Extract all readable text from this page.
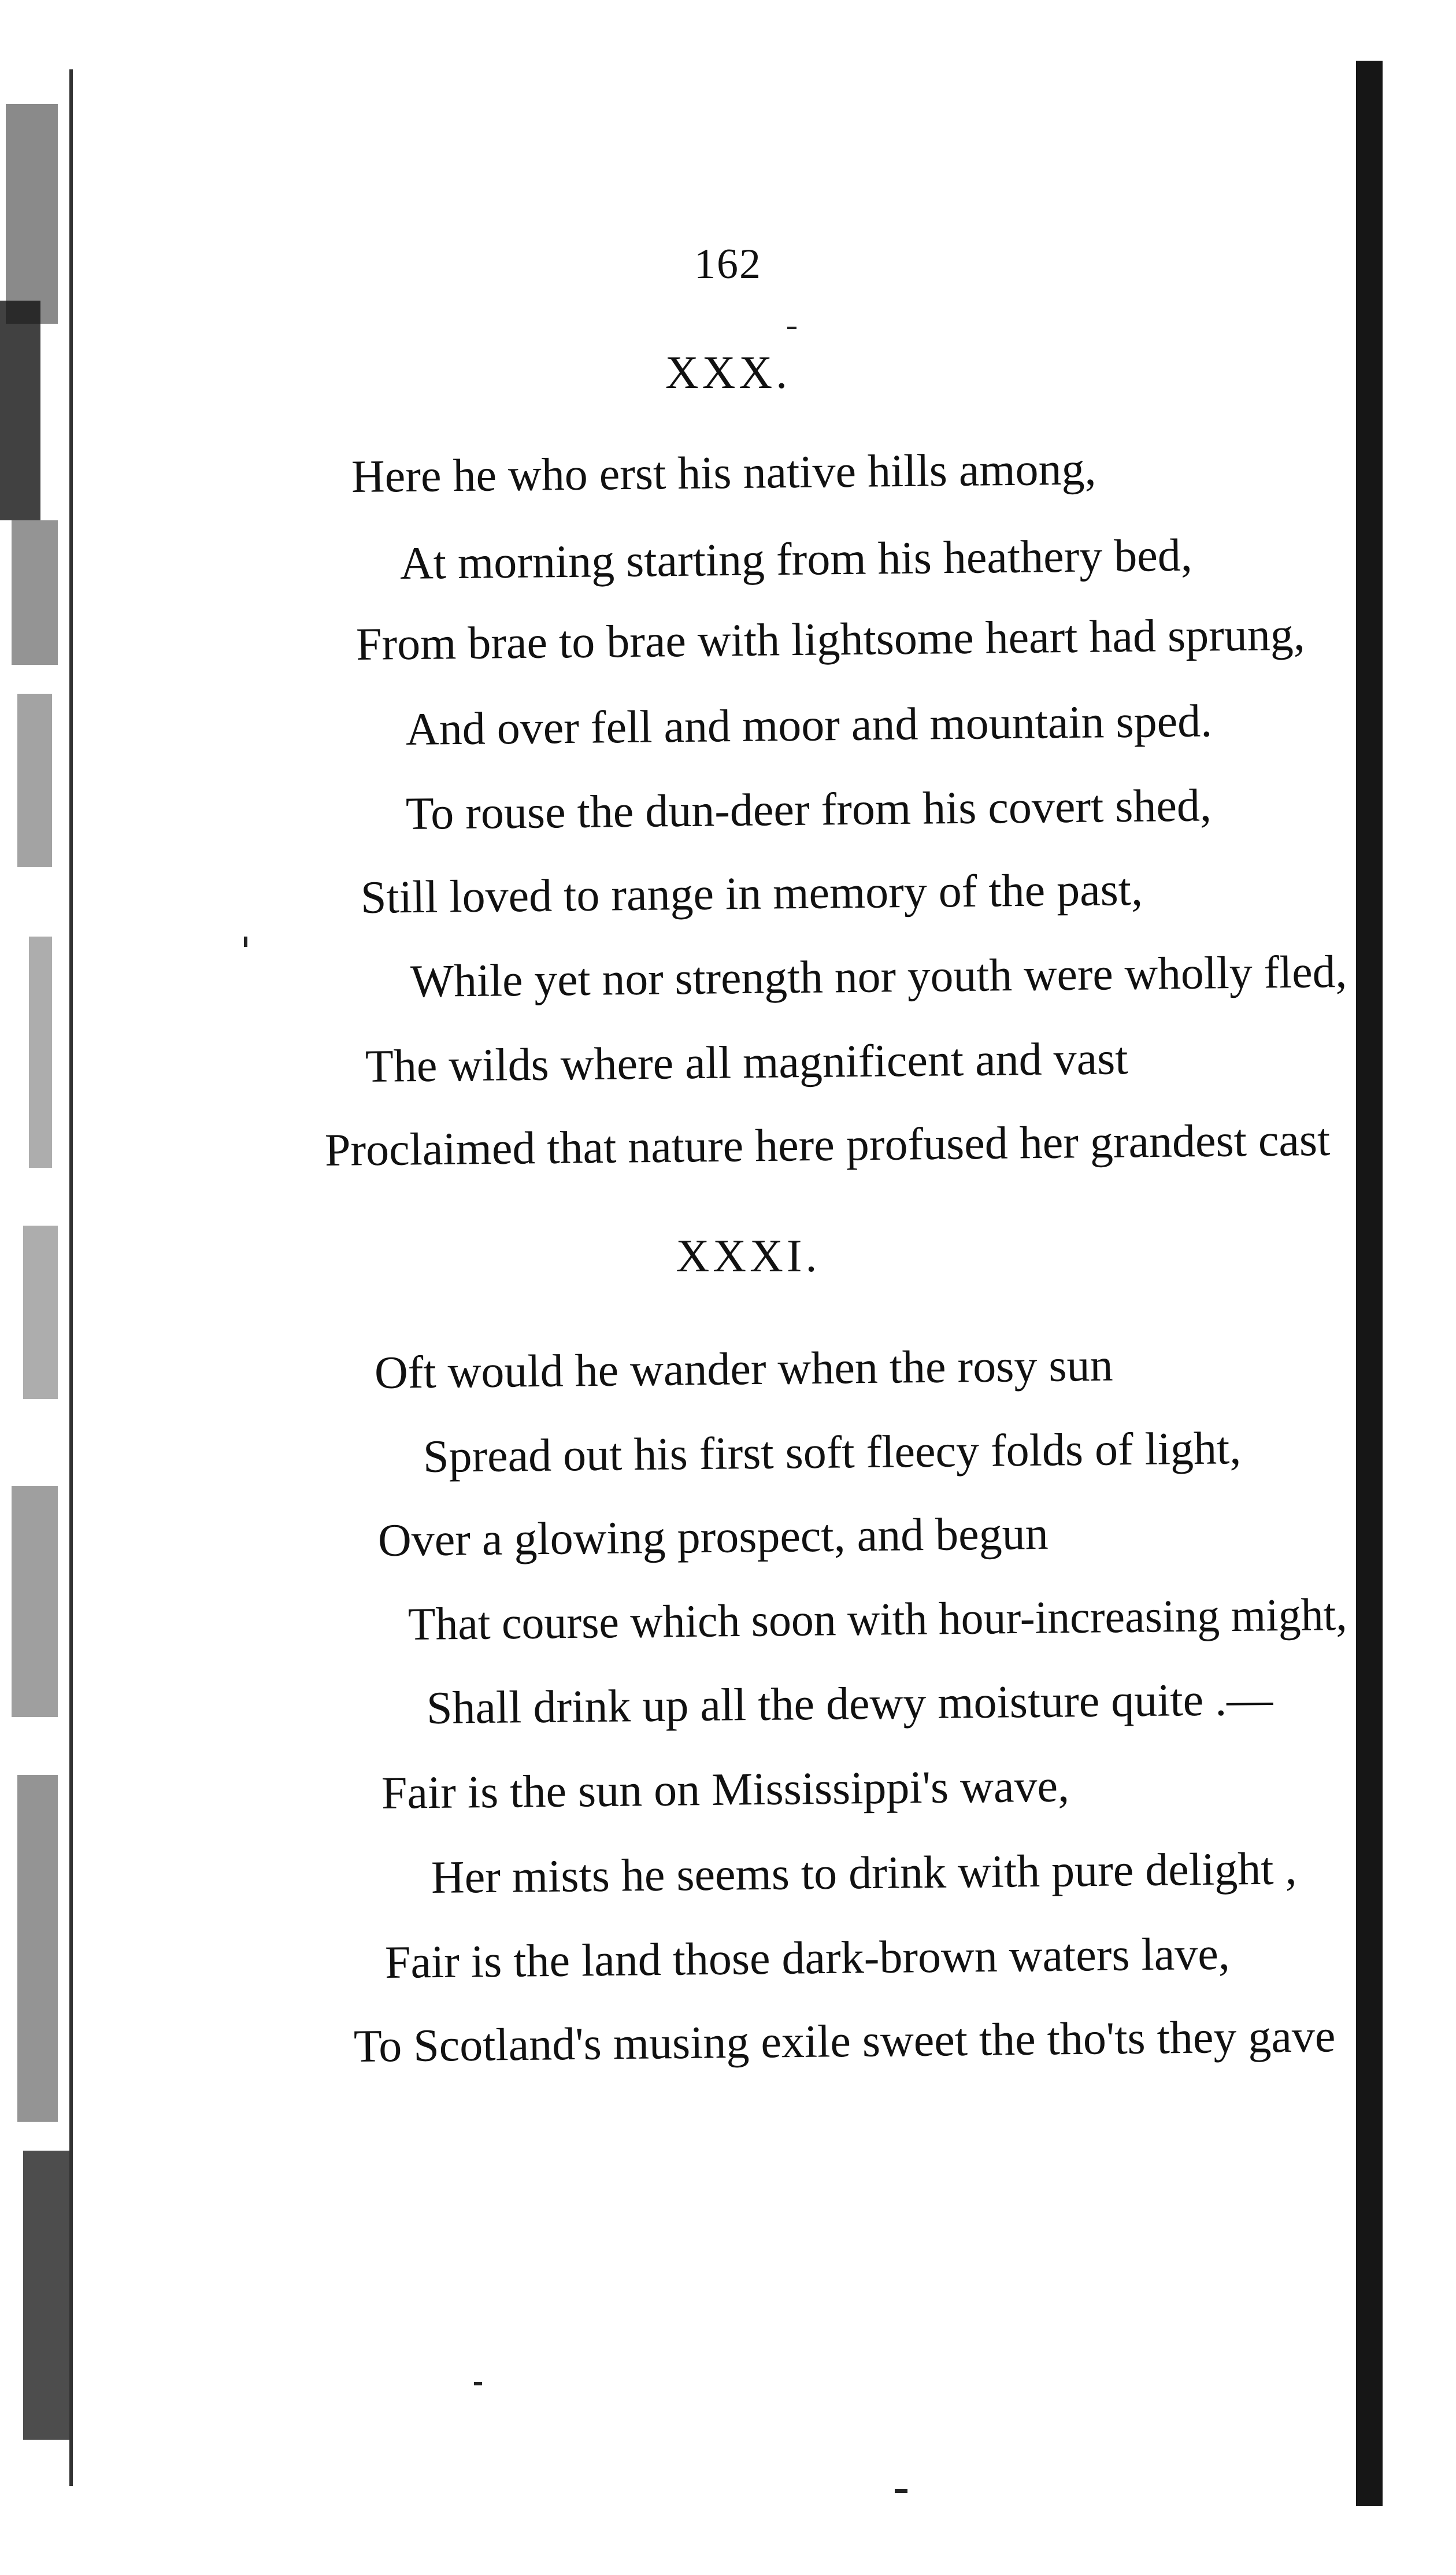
162
XXX.
Here he who erst his native hills among,
At morning starting from his heathery bed,
From brae to brae with lightsome heart had sprung,
And over fell and moor and mountain sped.
To rouse the dun-deer from his covert shed,
Still loved to range in memory of the past,
While yet nor strength nor youth were wholly fled,
The wilds where all magnificent and vast
Proclaimed that nature here profused her grandest cast
XXXI.
Oft would he wander when the rosy sun
Spread out his first soft fleecy folds of light,
Over a glowing prospect, and begun
That course which soon with hour-increasing might,
Shall drink up all the dewy moisture quite .—
Fair is the sun on Mississippi's wave,
Her mists he seems to drink with pure delight ,
Fair is the land those dark-brown waters lave,
To Scotland's musing exile sweet the tho'ts they gave
